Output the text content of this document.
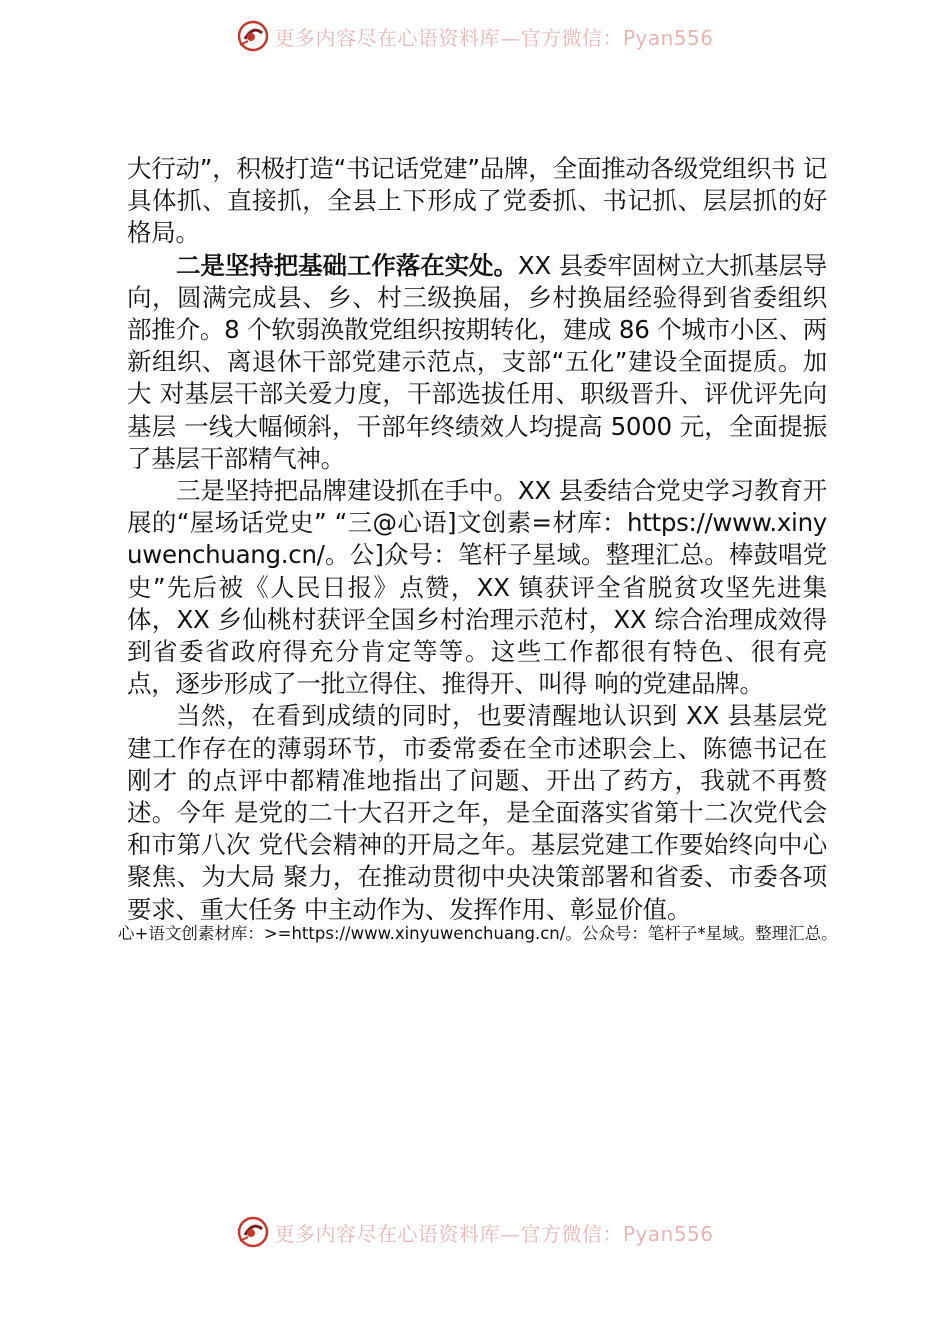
更多内容尽在心语资料库—官方微信：Pyan556

大行动”，积极打造“书记话党建”品牌，全面推动各级党组织书 记具体抓、直接抓，全县上下形成了党委抓、书记抓、层层抓的好 格局。

二是坚持把基础工作落在实处。XX 县委牢固树立大抓基层导向，圆满完成县、乡、村三级换届，乡村换届经验得到省委组织部推介。8 个软弱涣散党组织按期转化，建成 86 个城市小区、两新组织、离退休干部党建示范点，支部“五化”建设全面提质。加大 对基层干部关爱力度，干部选拔任用、职级晋升、评优评先向基层 一线大幅倾斜，干部年终绩效人均提高 5000 元，全面提振了基层干部精气神。

三是坚持把品牌建设抓在手中。XX 县委结合党史学习教育开展的“屋场话党史” “三@心语]文创素=材库：https://www.xinyuwenchuang.cn/。公]众号：笔杆子星域。整理汇总。棒鼓唱党史”先后被《人民日报》点赞，XX 镇获评全省脱贫攻坚先进集体，XX 乡仙桃村获评全国乡村治理示范村，XX 综合治理成效得到省委省政府得充分肯定等等。这些工作都很有特色、很有亮点，逐步形成了一批立得住、推得开、叫得 响的党建品牌。

当然，在看到成绩的同时，也要清醒地认识到 XX 县基层党建工作存在的薄弱环节，市委常委在全市述职会上、陈德书记在刚才 的点评中都精准地指出了问题、开出了药方，我就不再赘述。今年 是党的二十大召开之年，是全面落实省第十二次党代会和市第八次 党代会精神的开局之年。基层党建工作要始终向中心聚焦、为大局 聚力，在推动贯彻中央决策部署和省委、市委各项要求、重大任务 中主动作为、发挥作用、彰显价值。

心+语文创素材库：>=https://www.xinyuwenchuang.cn/。公众号：笔杆子*星域。整理汇总。
更多内容尽在心语资料库—官方微信：Pyan556
